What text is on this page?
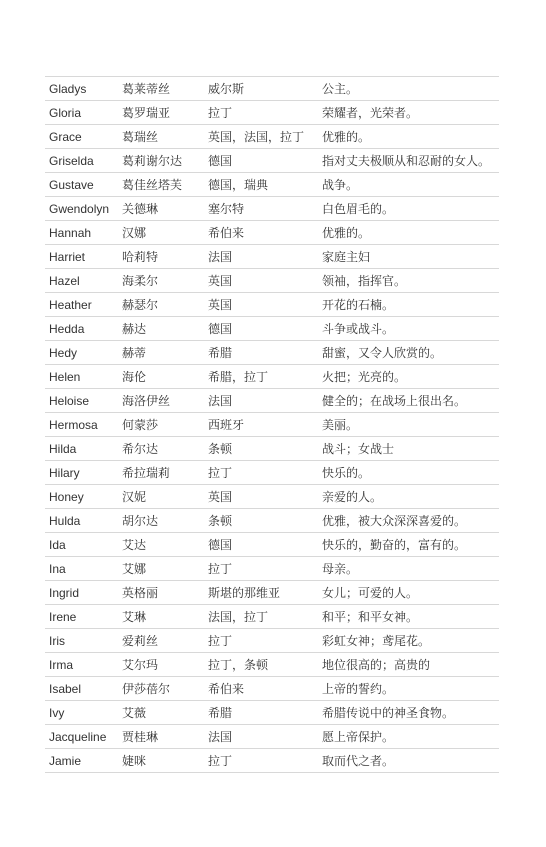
Gladys	葛莱蒂丝	威尔斯	公主。
Gloria	葛罗瑞亚	拉丁	荣耀者，光荣者。
Grace	葛瑞丝	英国，法国，拉丁	优雅的。
Griselda	葛莉谢尔达	德国	指对丈夫极顺从和忍耐的女人。
Gustave	葛佳丝塔芙	德国，瑞典	战争。
Gwendolyn	关德琳	塞尔特	白色眉毛的。
Hannah	汉娜	希伯来	优雅的。
Harriet	哈莉特	法国	家庭主妇
Hazel	海柔尔	英国	领袖，指挥官。
Heather	赫瑟尔	英国	开花的石楠。
Hedda	赫达	德国	斗争或战斗。
Hedy	赫蒂	希腊	甜蜜，又令人欣赏的。
Helen	海伦	希腊，拉丁	火把；光亮的。
Heloise	海洛伊丝	法国	健全的；在战场上很出名。
Hermosa	何蒙莎	西班牙	美丽。
Hilda	希尔达	条顿	战斗；女战士
Hilary	希拉瑞莉	拉丁	快乐的。
Honey	汉妮	英国	亲爱的人。
Hulda	胡尔达	条顿	优雅，被大众深深喜爱的。
Ida	艾达	德国	快乐的，勤奋的，富有的。
Ina	艾娜	拉丁	母亲。
Ingrid	英格丽	斯堪的那维亚	女儿；可爱的人。
Irene	艾琳	法国，拉丁	和平；和平女神。
Iris	爱莉丝	拉丁	彩虹女神；鸢尾花。
Irma	艾尔玛	拉丁，条顿	地位很高的；高贵的
Isabel	伊莎蓓尔	希伯来	上帝的誓约。
Ivy	艾薇	希腊	希腊传说中的神圣食物。
Jacqueline	贾桂琳	法国	愿上帝保护。
Jamie	婕咪	拉丁	取而代之者。
